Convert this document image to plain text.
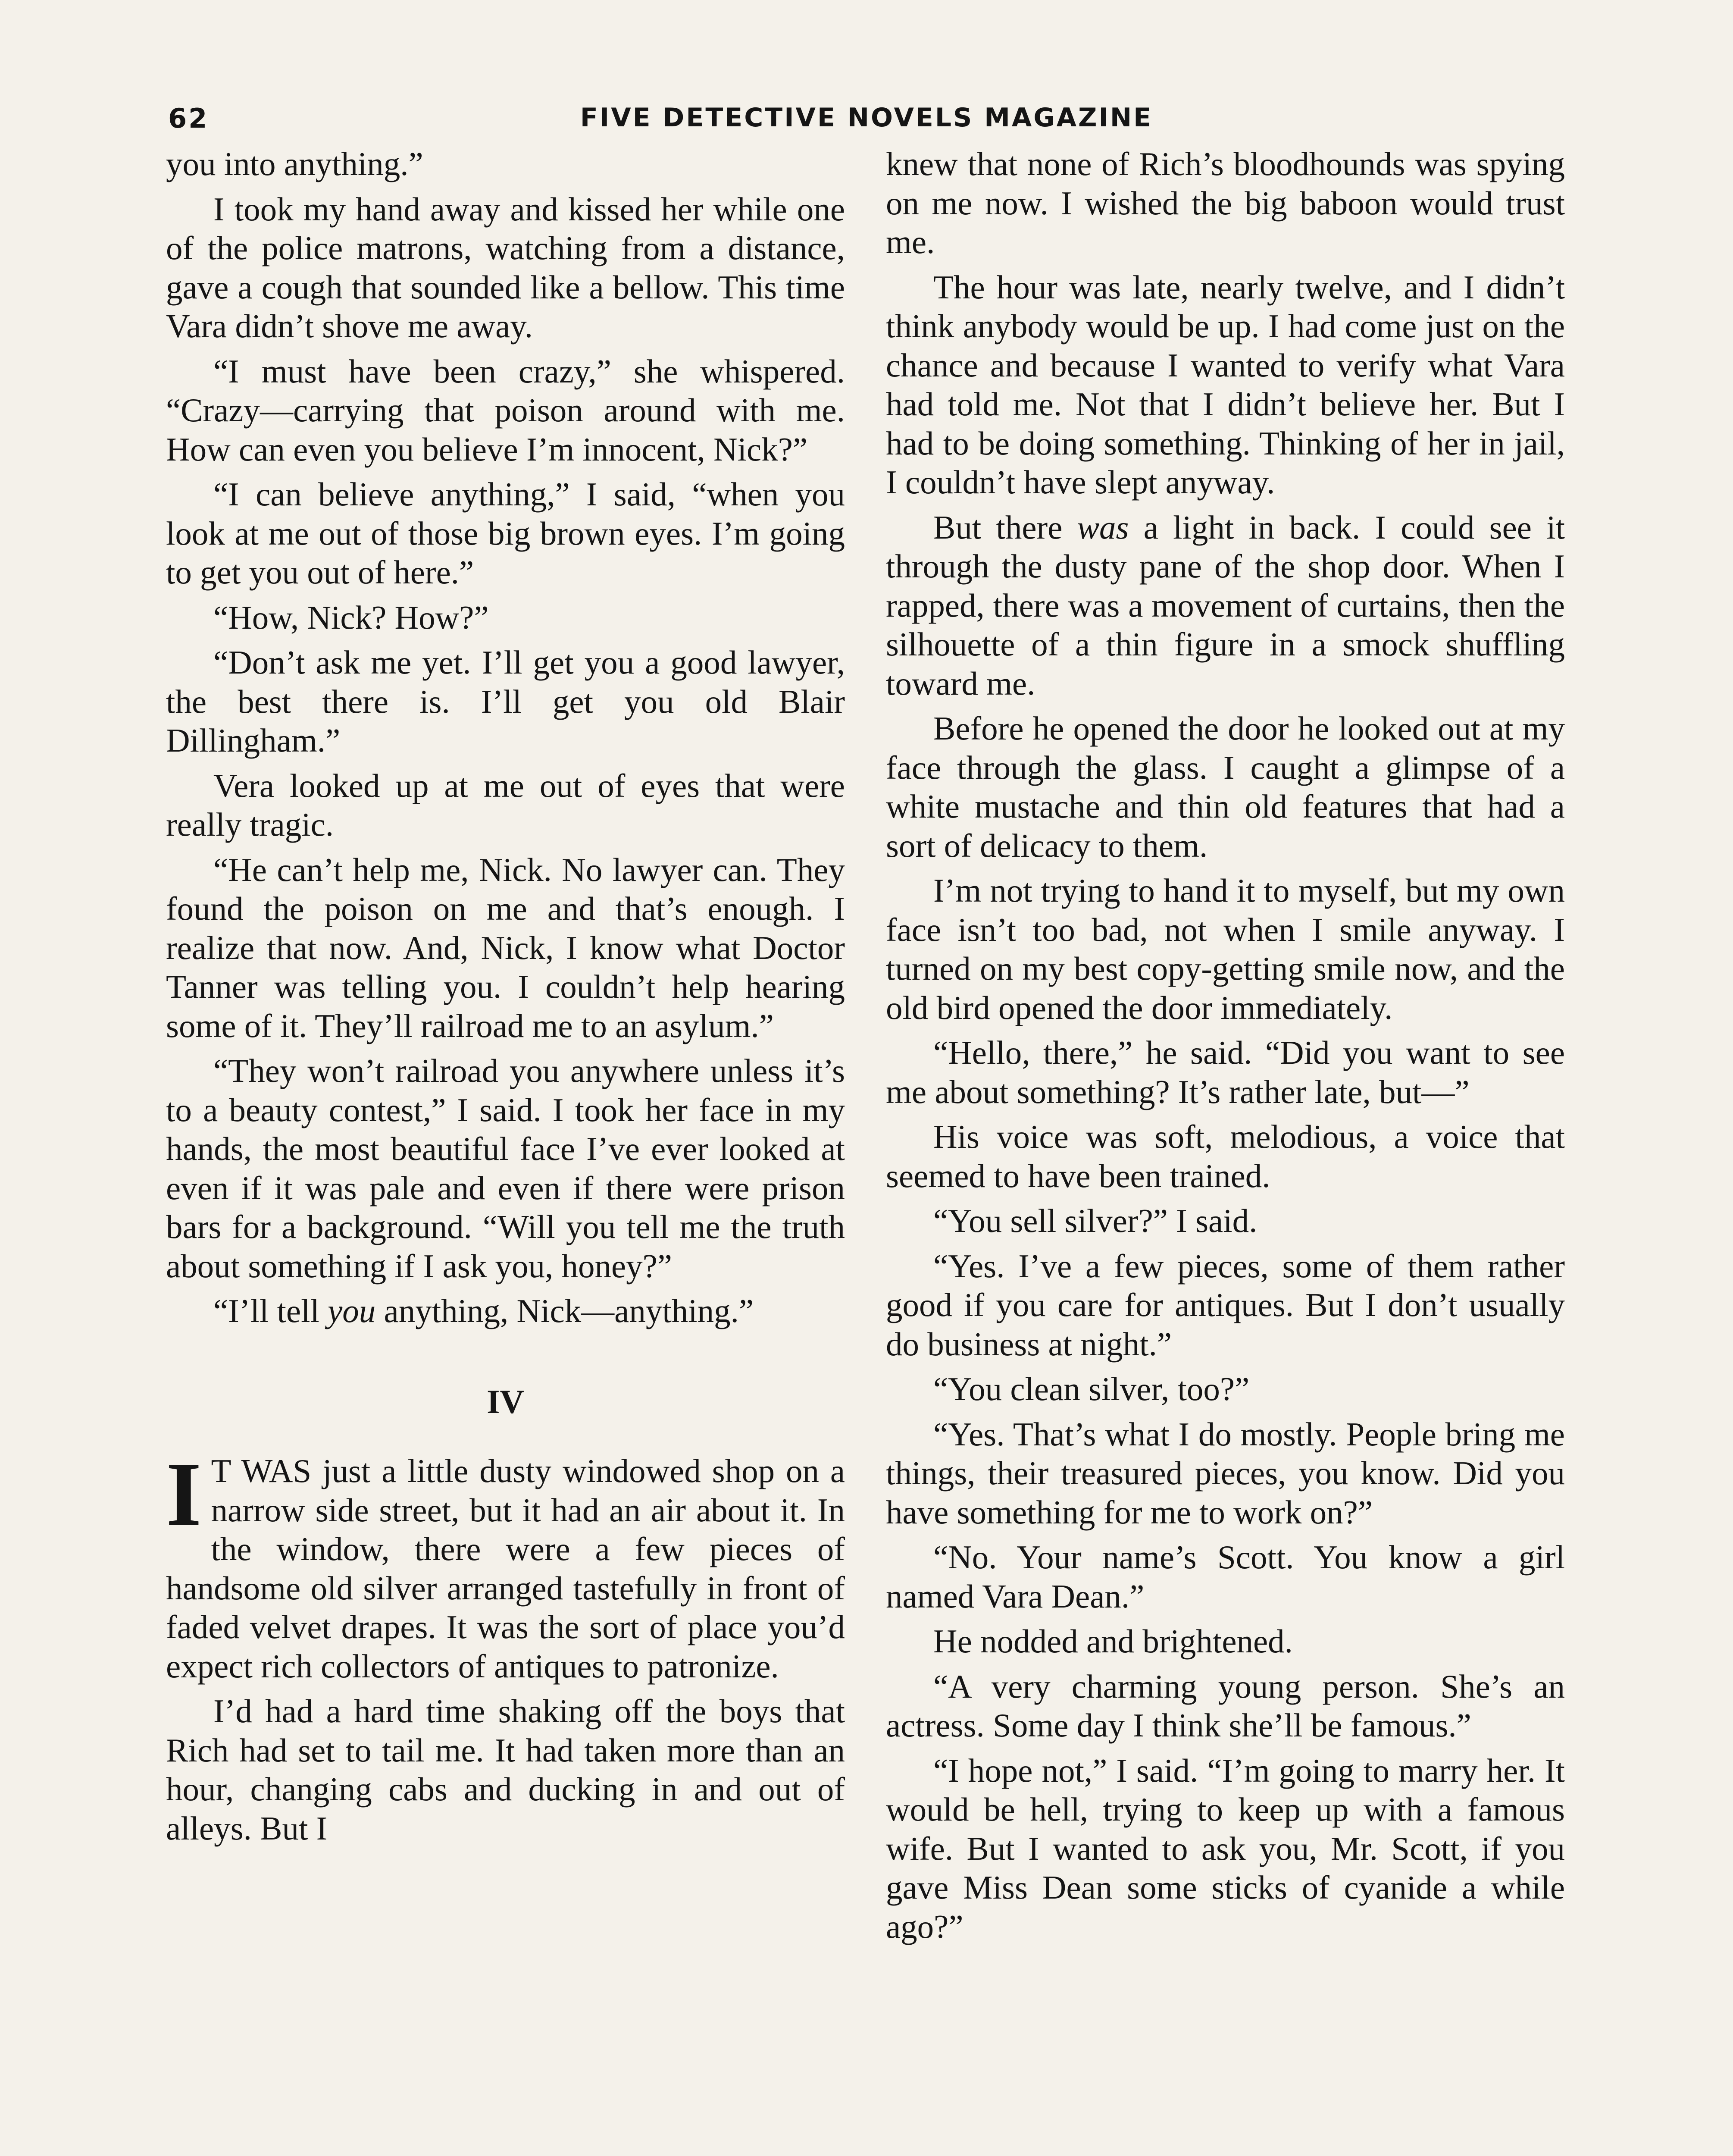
62	FIVE DETECTIVE NOVELS MAGAZINE

you into anything.”

I took my hand away and kissed her while one of the police matrons, watching from a distance, gave a cough that sounded like a bellow. This time Vara didn’t shove me away.

“I must have been crazy,” she whispered. “Crazy—carrying that poison around with me. How can even you believe I’m innocent, Nick?”

“I can believe anything,” I said, “when you look at me out of those big brown eyes. I’m going to get you out of here.”

“How, Nick? How?”

“Don’t ask me yet. I’ll get you a good lawyer, the best there is. I’ll get you old Blair Dillingham.”

Vera looked up at me out of eyes that were really tragic.

“He can’t help me, Nick. No lawyer can. They found the poison on me and that’s enough. I realize that now. And, Nick, I know what Doctor Tanner was telling you. I couldn’t help hearing some of it. They’ll railroad me to an asylum.”

“They won’t railroad you anywhere unless it’s to a beauty contest,” I said. I took her face in my hands, the most beautiful face I’ve ever looked at even if it was pale and even if there were prison bars for a background. “Will you tell me the truth about something if I ask you, honey?”

“I’ll tell you anything, Nick—anything.”

IV

I T WAS just a little dusty windowed shop on a narrow side street, but it had an air about it. In the window, there were a few pieces of handsome old silver arranged tastefully in front of faded velvet drapes. It was the sort of place you’d expect rich collectors of antiques to patronize.

I’d had a hard time shaking off the boys that Rich had set to tail me. It had taken more than an hour, changing cabs and ducking in and out of alleys. But I

knew that none of Rich’s bloodhounds was spying on me now. I wished the big baboon would trust me.

The hour was late, nearly twelve, and I didn’t think anybody would be up. I had come just on the chance and because I wanted to verify what Vara had told me. Not that I didn’t believe her. But I had to be doing something. Thinking of her in jail, I couldn’t have slept anyway.

But there was a light in back. I could see it through the dusty pane of the shop door. When I rapped, there was a movement of curtains, then the silhouette of a thin figure in a smock shuffling toward me.

Before he opened the door he looked out at my face through the glass. I caught a glimpse of a white mustache and thin old features that had a sort of delicacy to them.

I’m not trying to hand it to myself, but my own face isn’t too bad, not when I smile anyway. I turned on my best copy-getting smile now, and the old bird opened the door immediately.

“Hello, there,” he said. “Did you want to see me about something? It’s rather late, but—”

His voice was soft, melodious, a voice that seemed to have been trained.

“You sell silver?” I said.

“Yes. I’ve a few pieces, some of them rather good if you care for antiques. But I don’t usually do business at night.”

“You clean silver, too?”

“Yes. That’s what I do mostly. People bring me things, their treasured pieces, you know. Did you have something for me to work on?”

“No. Your name’s Scott. You know a girl named Vara Dean.”

He nodded and brightened.

“A very charming young person. She’s an actress. Some day I think she’ll be famous.”

“I hope not,” I said. “I’m going to marry her. It would be hell, trying to keep up with a famous wife. But I wanted to ask you, Mr. Scott, if you gave Miss Dean some sticks of cyanide a while ago?”
